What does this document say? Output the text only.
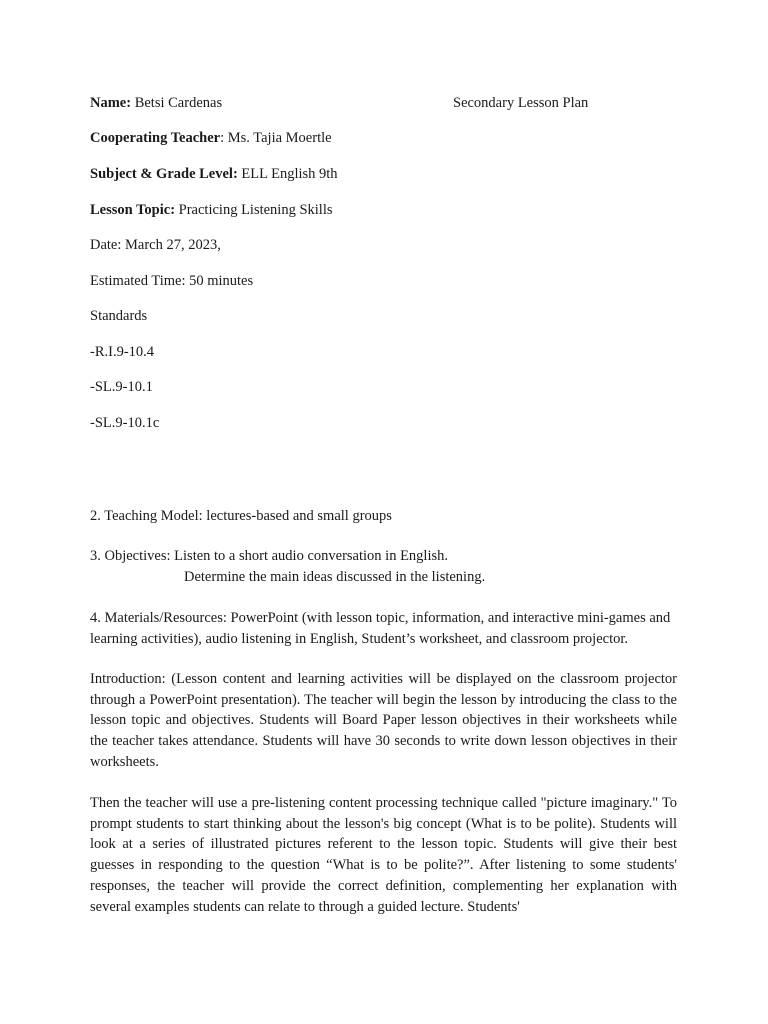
Name: Betsi Cardenas	Secondary Lesson Plan
Cooperating Teacher: Ms. Tajia Moertle
Subject & Grade Level: ELL English 9th
Lesson Topic: Practicing Listening Skills
Date: March 27, 2023,
Estimated Time: 50 minutes
Standards
-R.I.9-10.4
-SL.9-10.1
-SL.9-10.1c
2. Teaching Model: lectures-based and small groups
3. Objectives: Listen to a short audio conversation in English.
Determine the main ideas discussed in the listening.
4. Materials/Resources: PowerPoint (with lesson topic, information, and interactive mini-games and learning activities), audio listening in English, Student’s worksheet, and classroom projector.
Introduction: (Lesson content and learning activities will be displayed on the classroom projector through a PowerPoint presentation). The teacher will begin the lesson by introducing the class to the lesson topic and objectives. Students will Board Paper lesson objectives in their worksheets while the teacher takes attendance. Students will have 30 seconds to write down lesson objectives in their worksheets.
Then the teacher will use a pre-listening content processing technique called "picture imaginary." To prompt students to start thinking about the lesson's big concept (What is to be polite). Students will look at a series of illustrated pictures referent to the lesson topic. Students will give their best guesses in responding to the question “What is to be polite?”. After listening to some students' responses, the teacher will provide the correct definition, complementing her explanation with several examples students can relate to through a guided lecture. Students'
